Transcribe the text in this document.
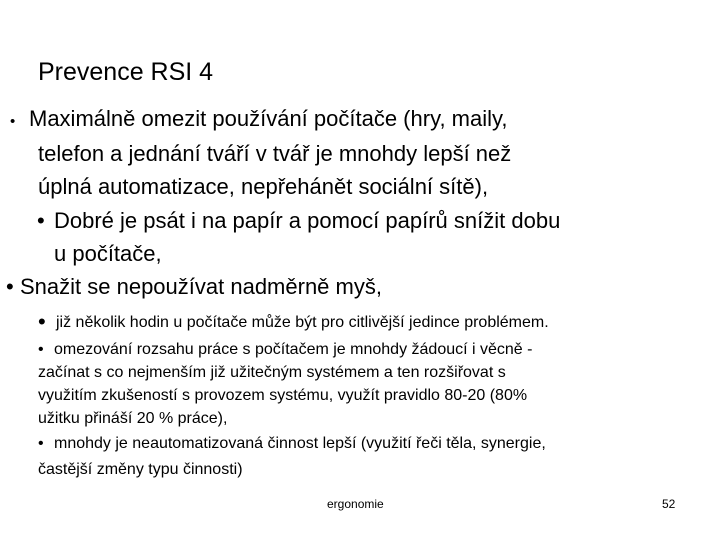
Prevence RSI 4
• Maximálně omezit používání počítače (hry, maily,
telefon a jednání tváří v tvář je mnohdy lepší než
úplná automatizace, nepřehánět sociální sítě),
• Dobré je psát i na papír a pomocí papírů snížit dobu
u počítače,
• Snažit se nepoužívat nadměrně myš,
• již několik hodin u počítače může být pro citlivější jedince problémem.
• omezování rozsahu práce s počítačem je mnohdy žádoucí i věcně -
začínat s co nejmenším již užitečným systémem a ten rozšiřovat s
využitím zkušeností s provozem systému, využít pravidlo 80-20 (80%
užitku přináší 20 % práce),
• mnohdy je neautomatizovaná činnost lepší (využití řeči těla, synergie,
častější změny typu činnosti)
ergonomie	52
